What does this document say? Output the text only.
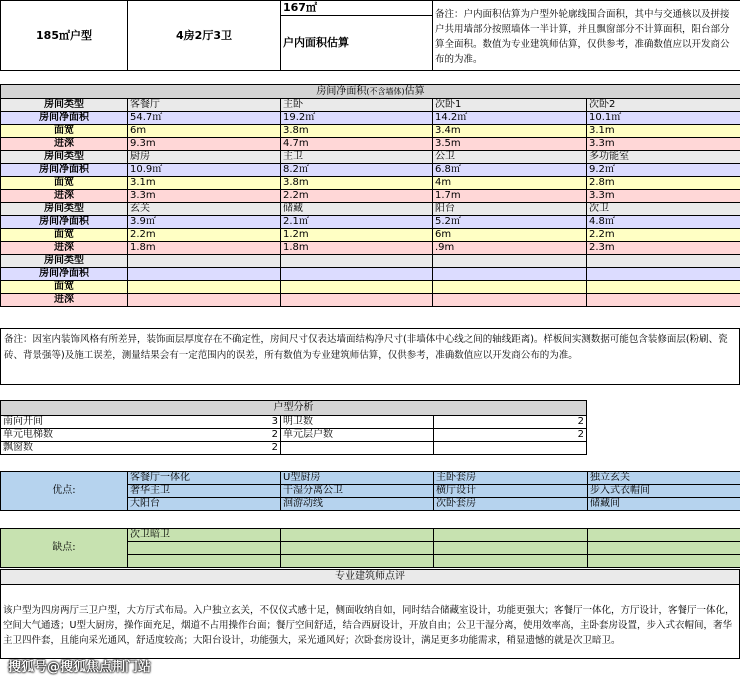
185㎡户型	4房2厅3卫	167㎡	备注：户内面积估算为户型外轮廓线围合面积，其中与交通核以及拼接户共用墙部分按照墙体一半计算，并且飘窗部分不计算面积，阳台部分算全面积。数值为专业建筑师估算，仅供参考，准确数值应以开发商公布的为准。
户内面积估算
房间净面积(不含墙体)估算				
房间类型	客餐厅	主卧	次卧1	次卧2
房间净面积	54.7㎡	19.2㎡	14.2㎡	10.1㎡
面宽	6m	3.8m	3.4m	3.1m
进深	9.3m	4.7m	3.5m	3.3m
房间类型	厨房	主卫	公卫	多功能室
房间净面积	10.9㎡	8.2㎡	6.8㎡	9.2㎡
面宽	3.1m	3.8m	4m	2.8m
进深	3.3m	2.2m	1.7m	3.3m
房间类型	玄关	储藏	阳台	次卫
房间净面积	3.9㎡	2.1㎡	5.2㎡	4.8㎡
面宽	2.2m	1.2m	6m	2.2m
进深	1.8m	1.8m	.9m	2.3m
房间类型				
房间净面积				
面宽				
进深				
备注：因室内装饰风格有所差异，装饰面层厚度存在不确定性，房间尺寸仅表达墙面结构净尺寸(非墙体中心线之间的轴线距离)。样板间实测数据可能包含装修面层(粉刷、瓷砖、背景强等)及施工误差，测量结果会有一定范围内的误差，所有数值为专业建筑师估算，仅供参考，准确数值应以开发商公布的为准。
户型分析		

南向开间 3	明卫数	2

单元电梯数 2	单元层户数	2

飘窗数 2		

优点:	客餐厅一体化	U型厨房	主卧套房	独立玄关
	奢华主卫	干湿分离公卫	横厅设计	步入式衣帽间
	大阳台	洄游动线	次卧套房	储藏间
缺点:	次卫暗卫			

专业建筑师点评
该户型为四房两厅三卫户型，大方厅式布局。入户独立玄关，不仅仪式感十足，侧面收纳自如，同时结合储藏室设计，功能更强大；客餐厅一体化，方厅设计，客餐厅一体化，空间大气通透；U型大厨房，操作面充足，烟道不占用操作台面；餐厅空间舒适，结合西厨设计，开放自由；公卫干湿分离，使用效率高，主卧套房设置，步入式衣帽间，奢华主卫四件套，且能向采光通风，舒适度较高；大阳台设计，功能强大，采光通风好；次卧套房设计，满足更多功能需求，稍显遗憾的就是次卫暗卫。
搜狐号@搜狐焦点荆门站
